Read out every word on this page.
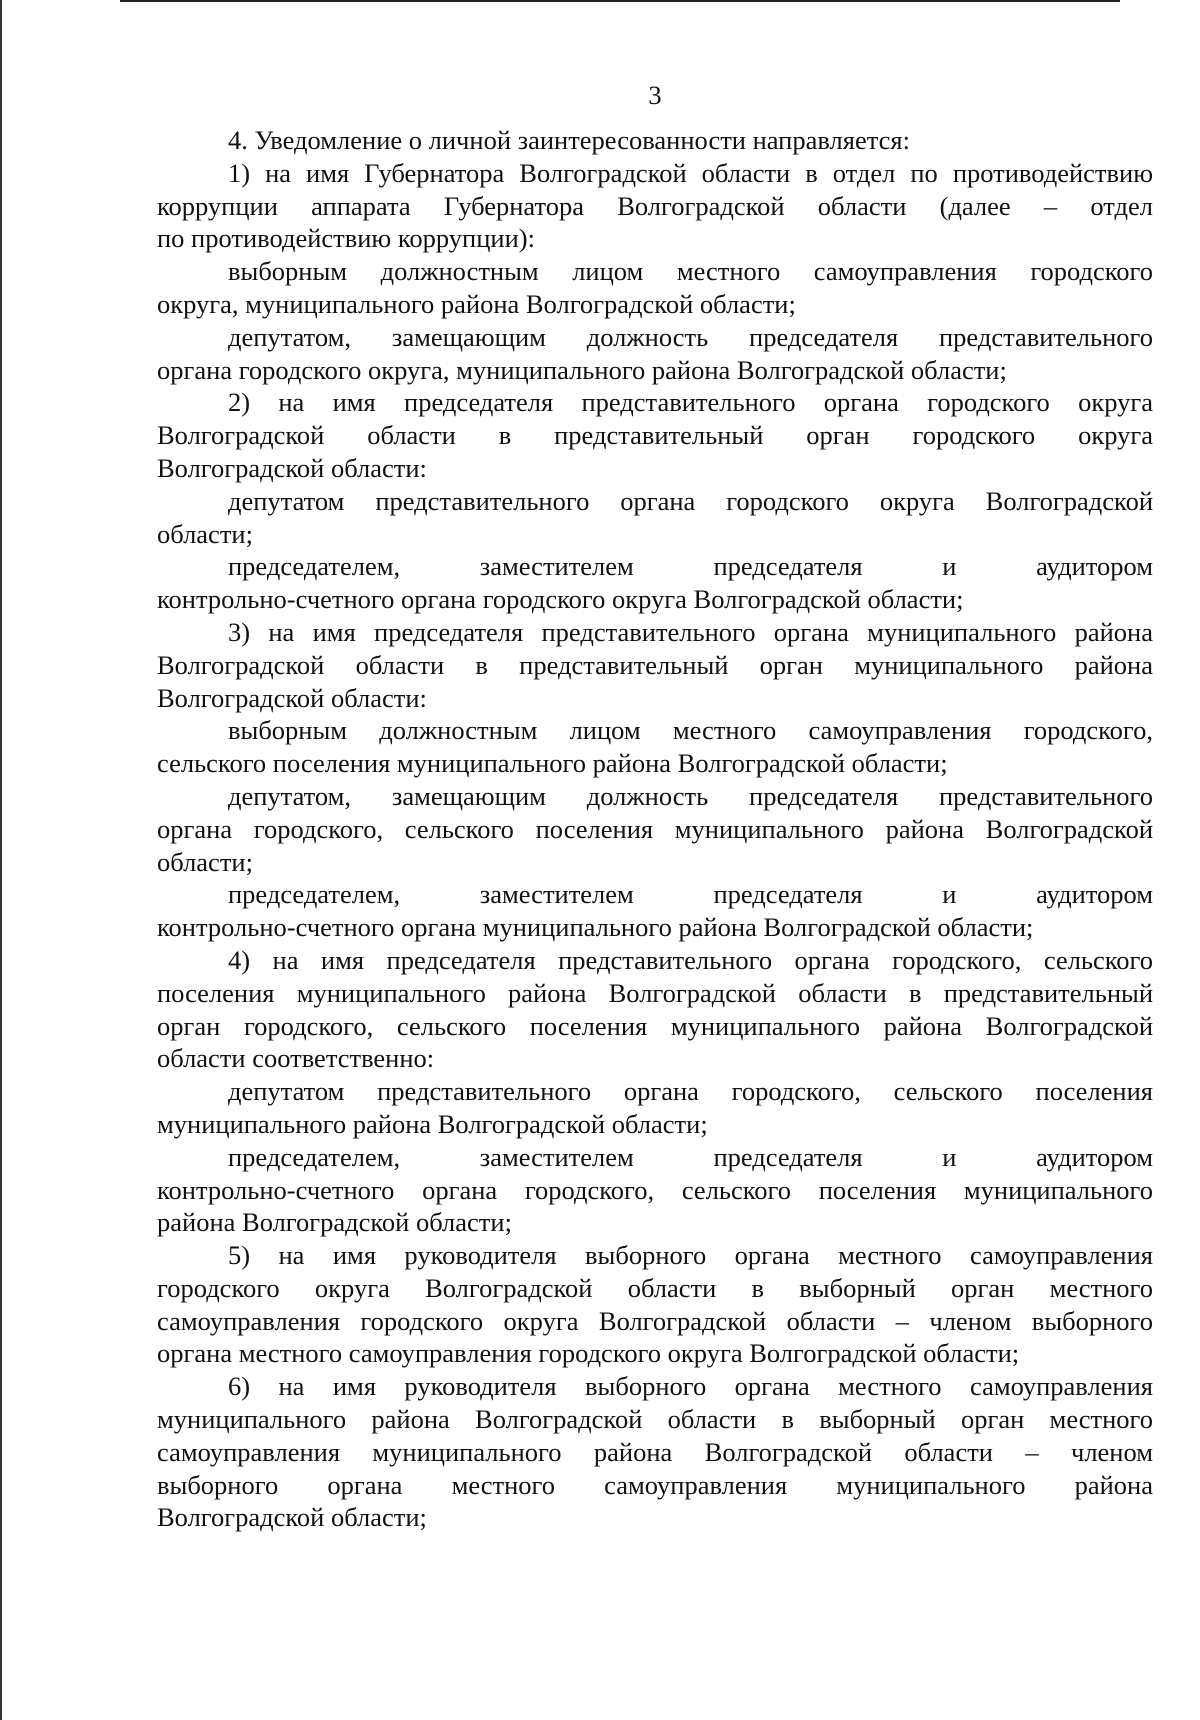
3
4. Уведомление о личной заинтересованности направляется:
1) на имя Губернатора Волгоградской области в отдел по противодействию
коррупции аппарата Губернатора Волгоградской области (далее – отдел
по противодействию коррупции):
выборным должностным лицом местного самоуправления городского
округа, муниципального района Волгоградской области;
депутатом, замещающим должность председателя представительного
органа городского округа, муниципального района Волгоградской области;
2) на имя председателя представительного органа городского округа
Волгоградской области в представительный орган городского округа
Волгоградской области:
депутатом представительного органа городского округа Волгоградской
области;
председателем, заместителем председателя и аудитором
контрольно-счетного органа городского округа Волгоградской области;
3) на имя председателя представительного органа муниципального района
Волгоградской области в представительный орган муниципального района
Волгоградской области:
выборным должностным лицом местного самоуправления городского,
сельского поселения муниципального района Волгоградской области;
депутатом, замещающим должность председателя представительного
органа городского, сельского поселения муниципального района Волгоградской
области;
председателем, заместителем председателя и аудитором
контрольно-счетного органа муниципального района Волгоградской области;
4) на имя председателя представительного органа городского, сельского
поселения муниципального района Волгоградской области в представительный
орган городского, сельского поселения муниципального района Волгоградской
области соответственно:
депутатом представительного органа городского, сельского поселения
муниципального района Волгоградской области;
председателем, заместителем председателя и аудитором
контрольно-счетного органа городского, сельского поселения муниципального
района Волгоградской области;
5) на имя руководителя выборного органа местного самоуправления
городского округа Волгоградской области в выборный орган местного
самоуправления городского округа Волгоградской области – членом выборного
органа местного самоуправления городского округа Волгоградской области;
6) на имя руководителя выборного органа местного самоуправления
муниципального района Волгоградской области в выборный орган местного
самоуправления муниципального района Волгоградской области – членом
выборного органа местного самоуправления муниципального района
Волгоградской области;
